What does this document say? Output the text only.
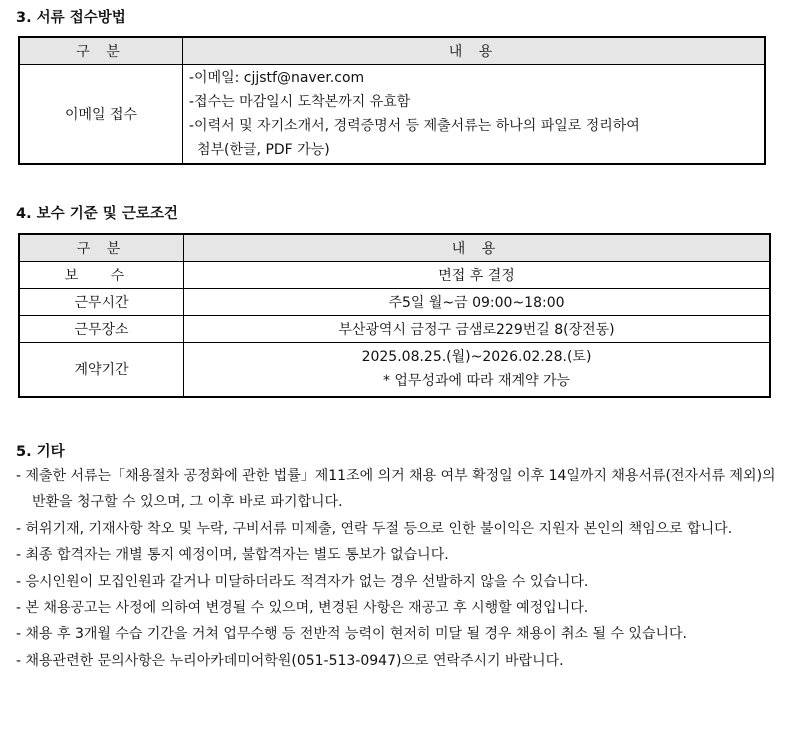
3. 서류 접수방법
구 분	내 용
이메일 접수	-이메일: cjjstf@naver.com
-접수는 마감일시 도착본까지 유효함
-이력서 및 자기소개서, 경력증명서 등 제출서류는 하나의 파일로 정리하여
첨부(한글, PDF 가능)
4. 보수 기준 및 근로조건
구 분	내 용
보 수	면접 후 결정
근무시간	주5일 월~금 09:00~18:00
근무장소	부산광역시 금정구 금샘로229번길 8(장전동)
계약기간	2025.08.25.(월)~2026.02.28.(토)
* 업무성과에 따라 재계약 가능
5. 기타
- 제출한 서류는「채용절차 공정화에 관한 법률」제11조에 의거 채용 여부 확정일 이후 14일까지 채용서류(전자서류 제외)의 반환을 청구할 수 있으며, 그 이후 바로 파기합니다.
- 허위기재, 기재사항 착오 및 누락, 구비서류 미제출, 연락 두절 등으로 인한 불이익은 지원자 본인의 책임으로 합니다.
- 최종 합격자는 개별 통지 예정이며, 불합격자는 별도 통보가 없습니다.
- 응시인원이 모집인원과 같거나 미달하더라도 적격자가 없는 경우 선발하지 않을 수 있습니다.
- 본 채용공고는 사정에 의하여 변경될 수 있으며, 변경된 사항은 재공고 후 시행할 예정입니다.
- 채용 후 3개월 수습 기간을 거쳐 업무수행 등 전반적 능력이 현저히 미달 될 경우 채용이 취소 될 수 있습니다.
- 채용관련한 문의사항은 누리아카데미어학원(051-513-0947)으로 연락주시기 바랍니다.
